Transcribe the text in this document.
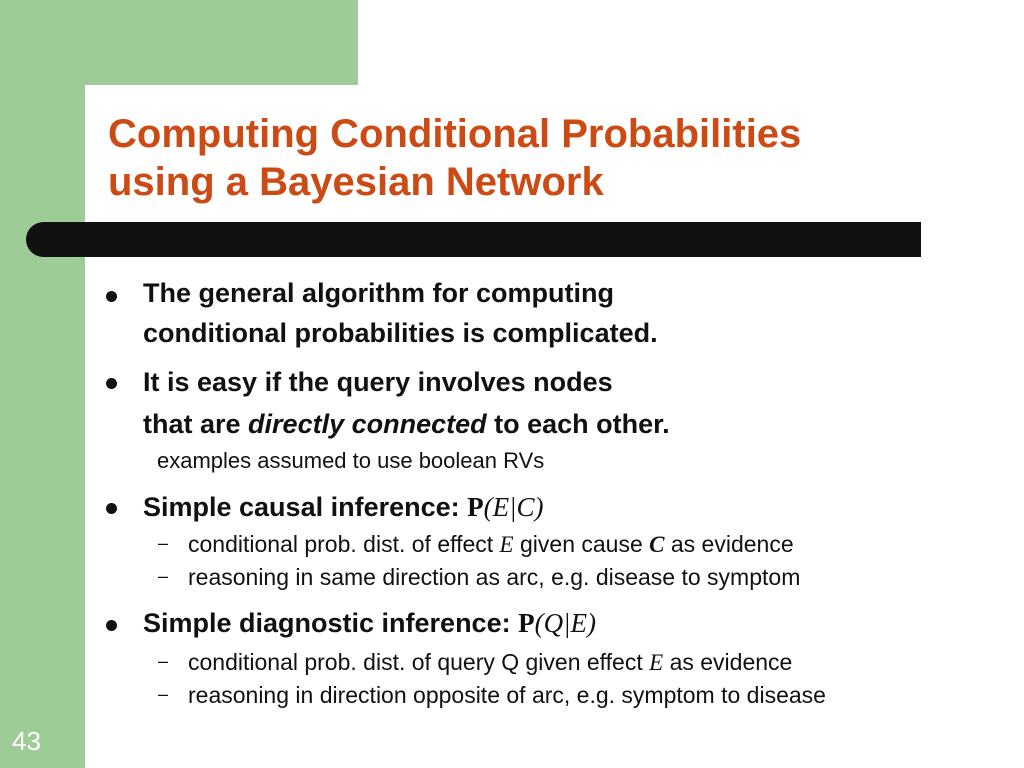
Computing Conditional Probabilities
using a Bayesian Network
The general algorithm for computing
conditional probabilities is complicated.
It is easy if the query involves nodes
that are directly connected to each other.
examples assumed to use boolean RVs
Simple causal inference: P(E|C)
– conditional prob. dist. of effect E given cause C as evidence
– reasoning in same direction as arc, e.g. disease to symptom
Simple diagnostic inference: P(Q|E)
– conditional prob. dist. of query Q given effect E as evidence
– reasoning in direction opposite of arc, e.g. symptom to disease
43
